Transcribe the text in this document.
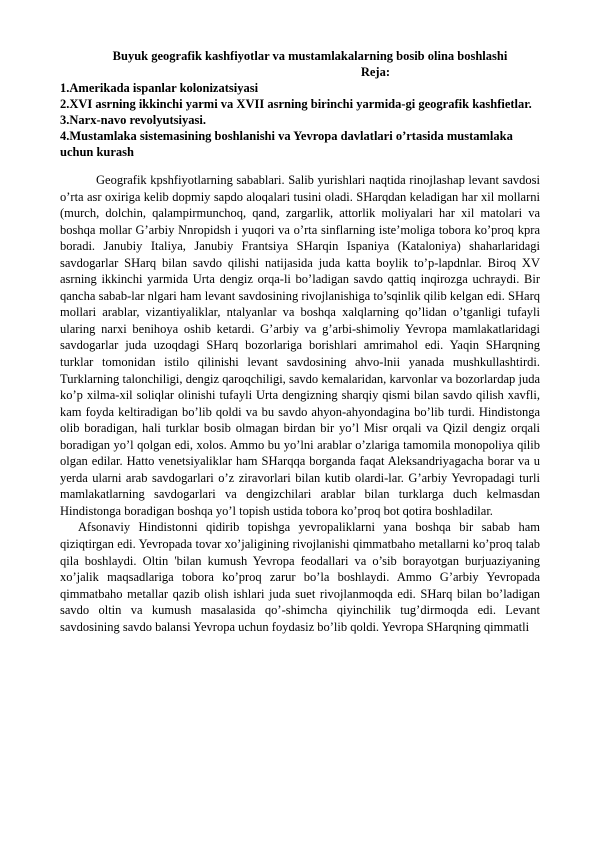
Buyuk geografik kashfiyotlar va mustamlakalarning bosib olina boshlashi

Reja:

1.Amerikada ispanlar kolonizatsiyasi
2.XVI asrning ikkinchi yarmi va XVII asrning birinchi yarmida-gi geografik kashfietlar.
3.Narx-navo revolyutsiyasi.
4.Mustamlaka sistemasining boshlanishi va Yevropa davlatlari o’rtasida mustamlaka uchun kurash

Geografik kpshfiyotlarning sabablari. Salib yurishlari naqtida rinojlashap levant savdosi o’rta asr oxiriga kelib dopmiy sapdo aloqalari tusini oladi. SHarqdan keladigan har xil mollarni (murch, dolchin, qalampirmunchoq, qand, zargarlik, attorlik moliyalari har xil matolari va boshqa mollar G’arbiy Nnropidsh i yuqori va o’rta sinflarning iste’moliga tobora ko’proq kpra boradi. Janubiy Italiya, Janubiy Frantsiya SHarqin Ispaniya (Kataloniya) shaharlaridagi savdogarlar SHarq bilan savdo qilishi natijasida juda katta boylik to’p-lapdnlar. Biroq XV asrning ikkinchi yarmida Urta dengiz orqa-li bo’ladigan savdo qattiq inqirozga uchraydi. Bir qancha sabab-lar nlgari ham levant savdosining rivojlanishiga to’sqinlik qilib kelgan edi. SHarq mollari arablar, vizantiyaliklar, ntalyanlar va boshqa xalqlarning qo’lidan o’tganligi tufayli ularing narxi benihoya oshib ketardi. G’arbiy va g’arbi-shimoliy Yevropa mamlakatlaridagi savdogarlar juda uzoqdagi SHarq bozorlariga borishlari amrimahol edi. Yaqin SHarqning turklar tomonidan istilo qilinishi levant savdosining ahvo-lnii yanada mushkullashtirdi. Turklarning talonchiligi, dengiz qaroqchiligi, savdo kemalaridan, karvonlar va bozorlardap juda ko’p xilma-xil soliqlar olinishi tufayli Urta dengizning sharqiy qismi bilan savdo qilish xavfli, kam foyda keltiradigan bo’lib qoldi va bu savdo ahyon-ahyondagina bo’lib turdi. Hindistonga olib boradigan, hali turklar bosib olmagan birdan bir yo’l Misr orqali va Qizil dengiz orqali boradigan yo’l qolgan edi, xolos. Ammo bu yo’lni arablar o’zlariga tamomila monopoliya qilib olgan edilar. Hatto venetsiyaliklar ham SHarqqa borganda faqat Aleksandriyagacha borar va u yerda ularni arab savdogarlari o’z ziravorlari bilan kutib olardi-lar. G’arbiy Yevropadagi turli mamlakatlarning savdogarlari va dengizchilari arablar bilan turklarga duch kelmasdan Hindistonga boradigan boshqa yo’l topish ustida tobora ko’proq bot qotira boshladilar.

Afsonaviy Hindistonni qidirib topishga yevropaliklarni yana boshqa bir sabab ham qiziqtirgan edi. Yevropada tovar xo’jaligining rivojlanishi qimmatbaho metallarni ko’proq talab qila boshlaydi. Oltin 'bilan kumush Yevropa feodallari va o’sib borayotgan burjuaziyaning xo’jalik maqsadlariga tobora ko’proq zarur bo’la boshlaydi. Ammo G’arbiy Yevropada qimmatbaho metallar qazib olish ishlari juda suet rivojlanmoqda edi. SHarq bilan bo’ladigan savdo oltin va kumush masalasida qo’-shimcha qiyinchilik tug’dirmoqda edi. Levant savdosining savdo balansi Yevropa uchun foydasiz bo’lib qoldi. Yevropa SHarqning qimmatli
